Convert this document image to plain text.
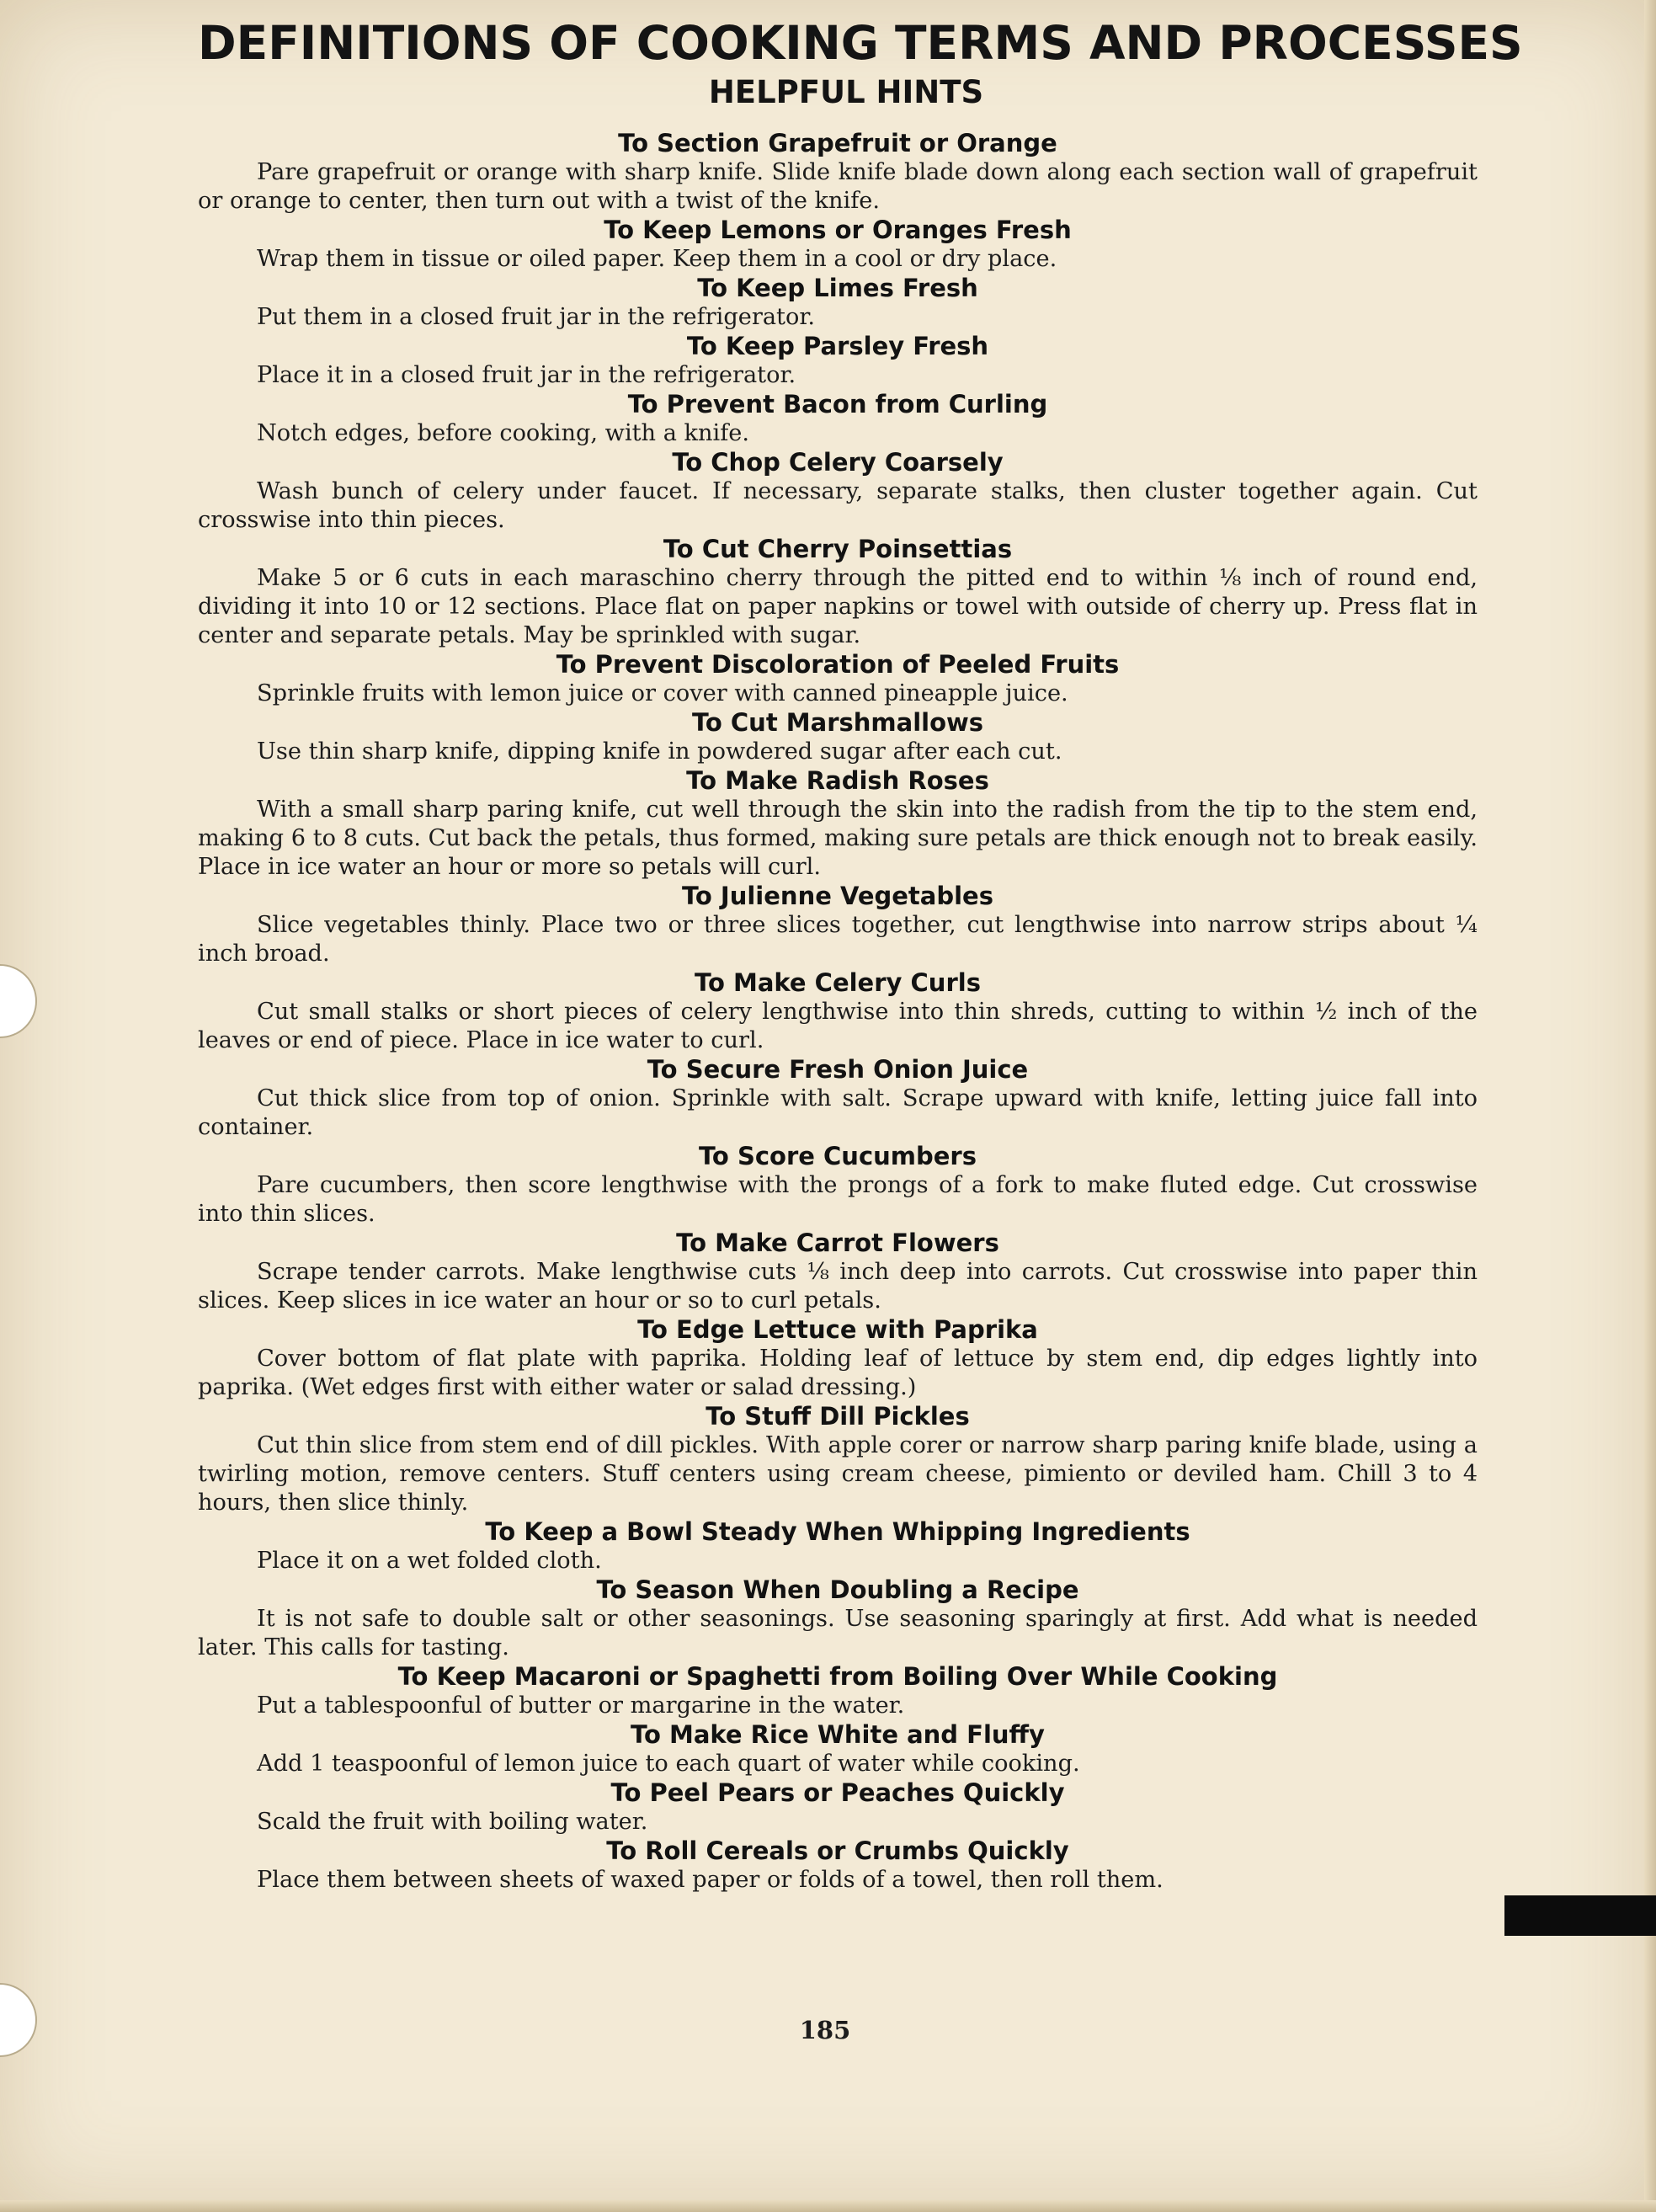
DEFINITIONS OF COOKING TERMS AND PROCESSES
HELPFUL HINTS
To Section Grapefruit or Orange

Pare grapefruit or orange with sharp knife. Slide knife blade down along each section wall of grapefruit or orange to center, then turn out with a twist of the knife.

To Keep Lemons or Oranges Fresh

Wrap them in tissue or oiled paper. Keep them in a cool or dry place.

To Keep Limes Fresh

Put them in a closed fruit jar in the refrigerator.

To Keep Parsley Fresh

Place it in a closed fruit jar in the refrigerator.

To Prevent Bacon from Curling

Notch edges, before cooking, with a knife.

To Chop Celery Coarsely

Wash bunch of celery under faucet. If necessary, separate stalks, then cluster together again. Cut crosswise into thin pieces.

To Cut Cherry Poinsettias

Make 5 or 6 cuts in each maraschino cherry through the pitted end to within ⅛ inch of round end, dividing it into 10 or 12 sections. Place flat on paper napkins or towel with outside of cherry up. Press flat in center and separate petals. May be sprinkled with sugar.

To Prevent Discoloration of Peeled Fruits

Sprinkle fruits with lemon juice or cover with canned pineapple juice.

To Cut Marshmallows

Use thin sharp knife, dipping knife in powdered sugar after each cut.

To Make Radish Roses

With a small sharp paring knife, cut well through the skin into the radish from the tip to the stem end, making 6 to 8 cuts. Cut back the petals, thus formed, making sure petals are thick enough not to break easily. Place in ice water an hour or more so petals will curl.

To Julienne Vegetables

Slice vegetables thinly. Place two or three slices together, cut lengthwise into narrow strips about ¼ inch broad.

To Make Celery Curls

Cut small stalks or short pieces of celery lengthwise into thin shreds, cutting to within ½ inch of the leaves or end of piece. Place in ice water to curl.

To Secure Fresh Onion Juice

Cut thick slice from top of onion. Sprinkle with salt. Scrape upward with knife, letting juice fall into container.

To Score Cucumbers

Pare cucumbers, then score lengthwise with the prongs of a fork to make fluted edge. Cut crosswise into thin slices.

To Make Carrot Flowers

Scrape tender carrots. Make lengthwise cuts ⅛ inch deep into carrots. Cut crosswise into paper thin slices. Keep slices in ice water an hour or so to curl petals.

To Edge Lettuce with Paprika

Cover bottom of flat plate with paprika. Holding leaf of lettuce by stem end, dip edges lightly into paprika. (Wet edges first with either water or salad dressing.)

To Stuff Dill Pickles

Cut thin slice from stem end of dill pickles. With apple corer or narrow sharp paring knife blade, using a twirling motion, remove centers. Stuff centers using cream cheese, pimiento or deviled ham. Chill 3 to 4 hours, then slice thinly.

To Keep a Bowl Steady When Whipping Ingredients

Place it on a wet folded cloth.

To Season When Doubling a Recipe

It is not safe to double salt or other seasonings. Use seasoning sparingly at first. Add what is needed later. This calls for tasting.

To Keep Macaroni or Spaghetti from Boiling Over While Cooking

Put a tablespoonful of butter or margarine in the water.

To Make Rice White and Fluffy

Add 1 teaspoonful of lemon juice to each quart of water while cooking.

To Peel Pears or Peaches Quickly

Scald the fruit with boiling water.

To Roll Cereals or Crumbs Quickly

Place them between sheets of waxed paper or folds of a towel, then roll them.

185
